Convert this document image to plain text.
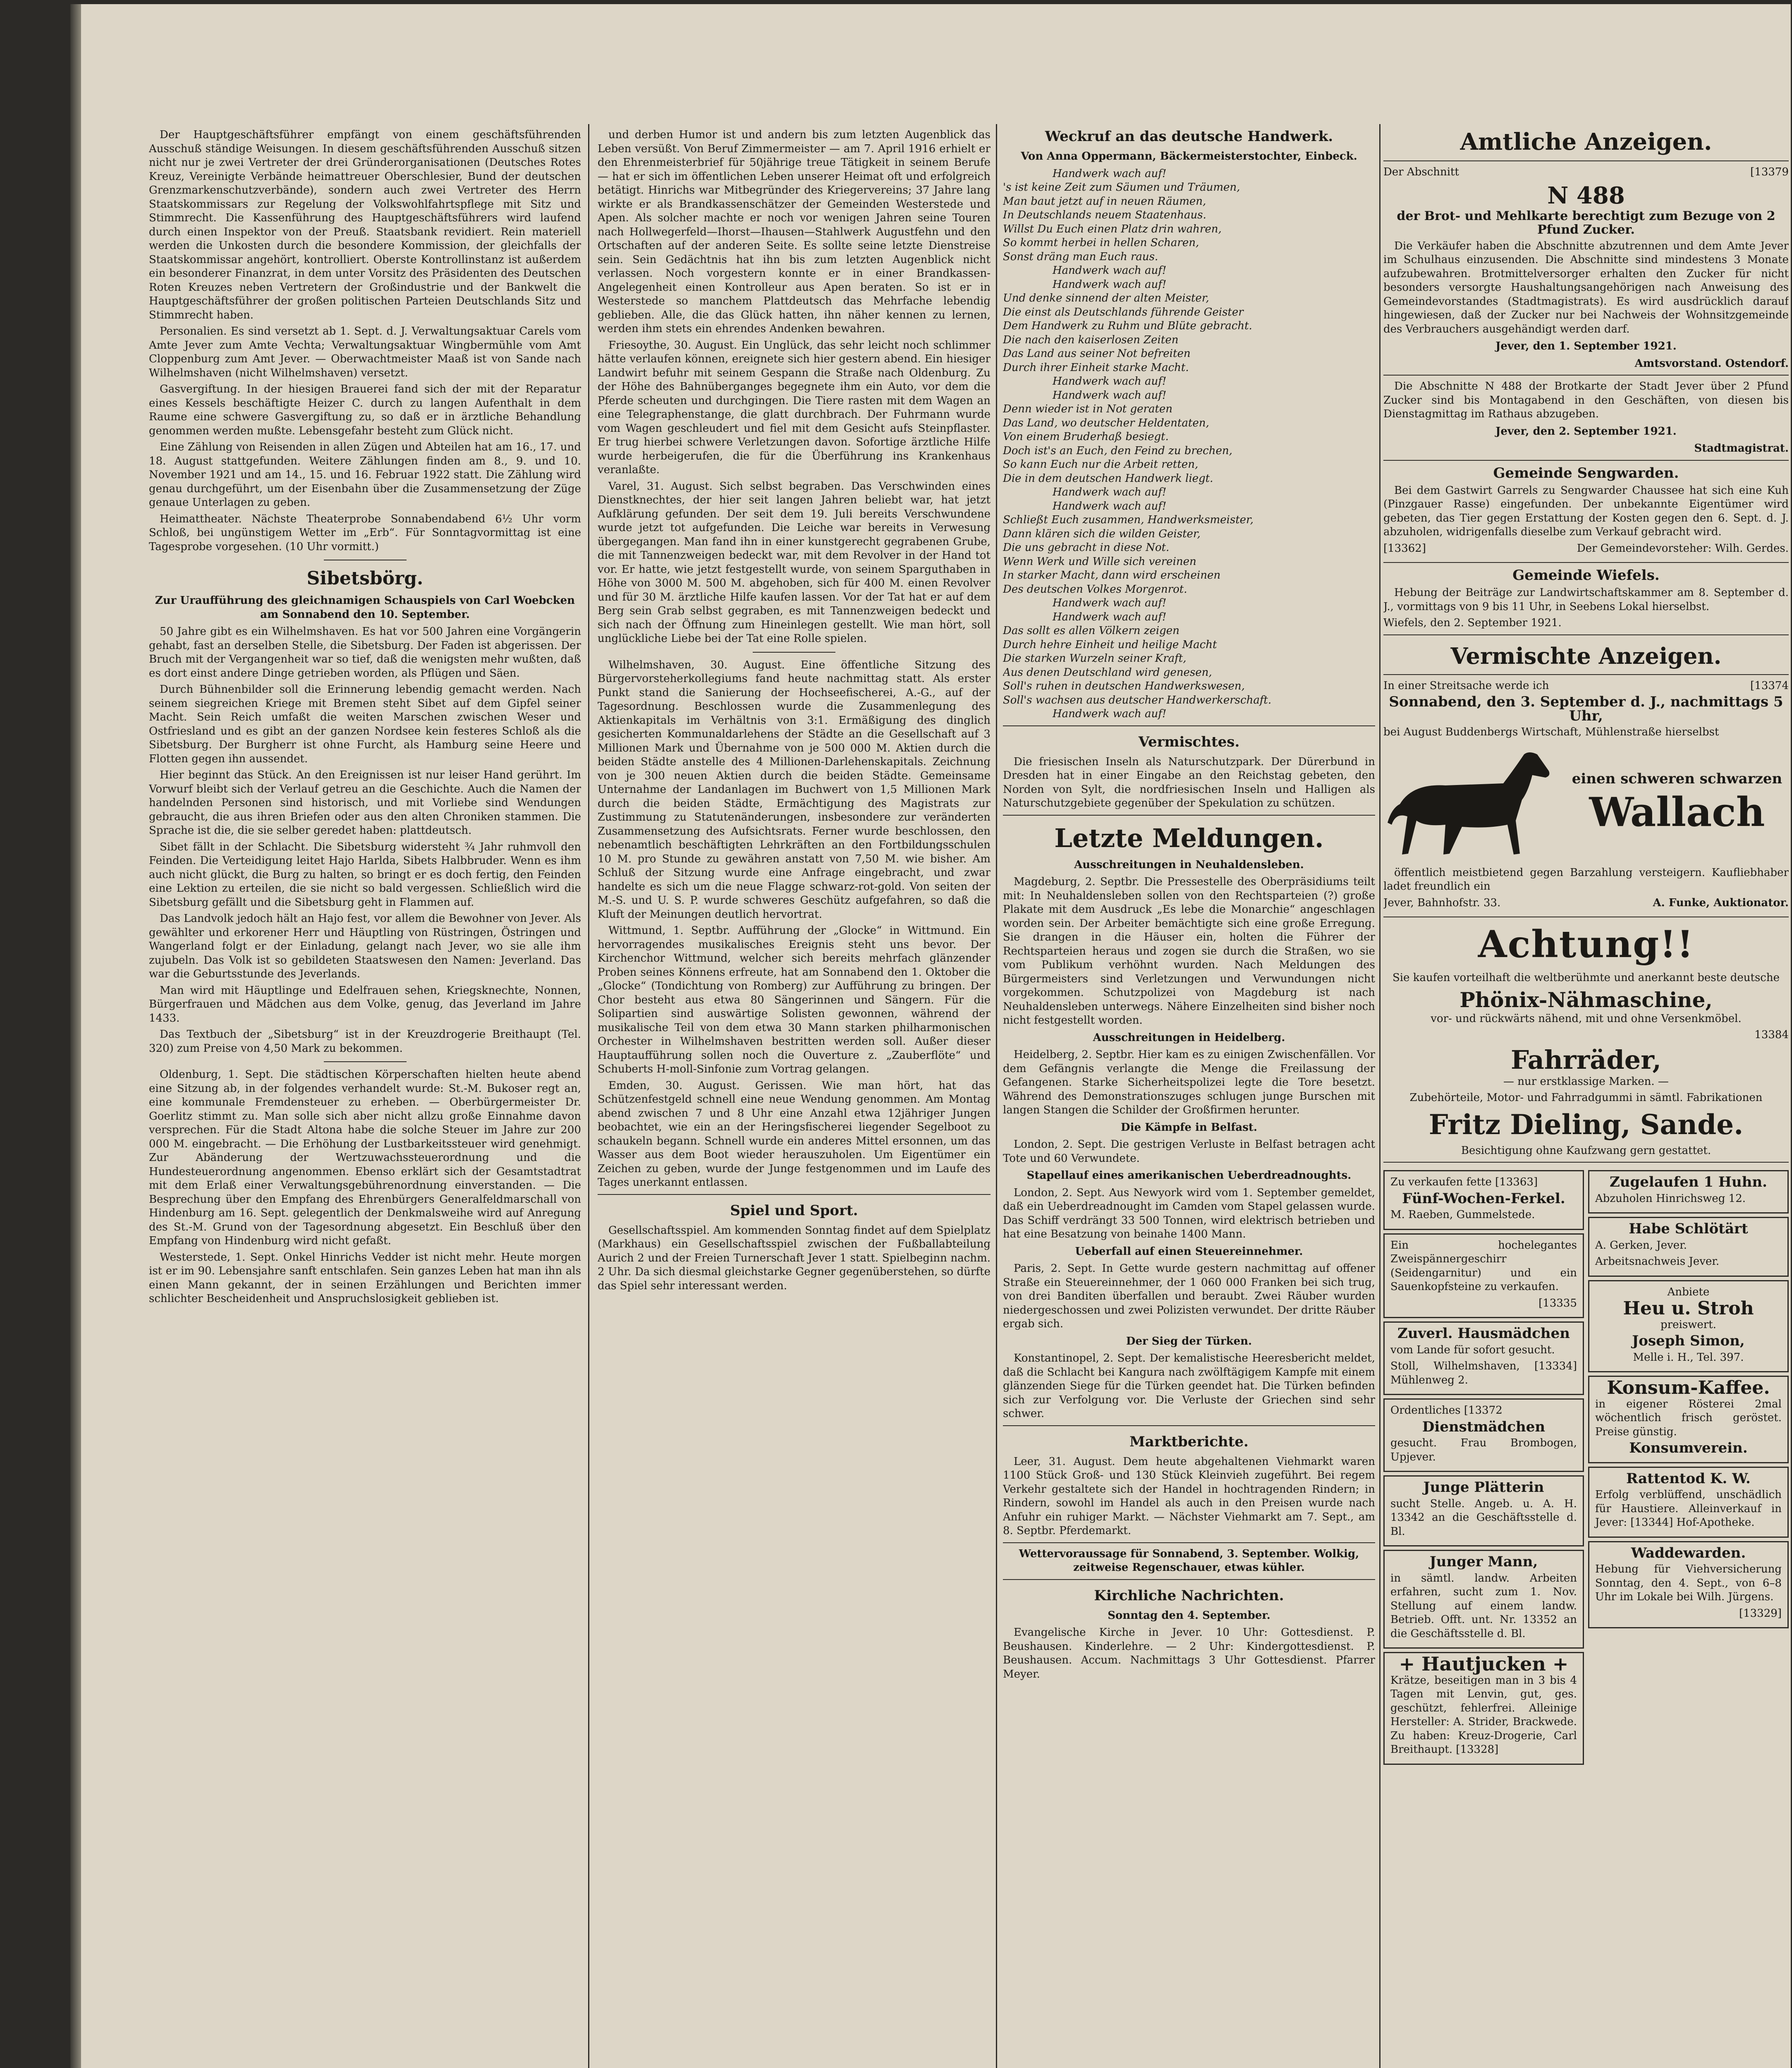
Der Hauptgeschäftsführer empfängt von einem geschäftsführenden Ausschuß ständige Weisungen. In diesem geschäftsführenden Ausschuß sitzen nicht nur je zwei Vertreter der drei Gründerorganisationen (Deutsches Rotes Kreuz, Vereinigte Verbände heimattreuer Oberschlesier, Bund der deutschen Grenzmarkenschutzverbände), sondern auch zwei Vertreter des Herrn Staatskommissars zur Regelung der Volkswohlfahrtspflege mit Sitz und Stimmrecht. Die Kassenführung des Hauptgeschäftsführers wird laufend durch einen Inspektor von der Preuß. Staatsbank revidiert. Rein materiell werden die Unkosten durch die besondere Kommission, der gleichfalls der Staatskommissar angehört, kontrolliert. Oberste Kontrollinstanz ist außerdem ein besonderer Finanzrat, in dem unter Vorsitz des Präsidenten des Deutschen Roten Kreuzes neben Vertretern der Großindustrie und der Bankwelt die Hauptgeschäftsführer der großen politischen Parteien Deutschlands Sitz und Stimmrecht haben.

Personalien. Es sind versetzt ab 1. Sept. d. J. Verwaltungsaktuar Carels vom Amte Jever zum Amte Vechta; Verwaltungsaktuar Wingbermühle vom Amt Cloppenburg zum Amt Jever. — Oberwachtmeister Maaß ist von Sande nach Wilhelmshaven (nicht Wilhelmshaven) versetzt.

Gasvergiftung. In der hiesigen Brauerei fand sich der mit der Reparatur eines Kessels beschäftigte Heizer C. durch zu langen Aufenthalt in dem Raume eine schwere Gasvergiftung zu, so daß er in ärztliche Behandlung genommen werden mußte. Lebensgefahr besteht zum Glück nicht.

Eine Zählung von Reisenden in allen Zügen und Abteilen hat am 16., 17. und 18. August stattgefunden. Weitere Zählungen finden am 8., 9. und 10. November 1921 und am 14., 15. und 16. Februar 1922 statt. Die Zählung wird genau durchgeführt, um der Eisenbahn über die Zusammensetzung der Züge genaue Unterlagen zu geben.

Heimattheater. Nächste Theaterprobe Sonnabendabend 6½ Uhr vorm Schloß, bei ungünstigem Wetter im „Erb“. Für Sonntagvormittag ist eine Tagesprobe vorgesehen. (10 Uhr vormitt.)

Sibetsbörg.

Zur Uraufführung des gleichnamigen Schauspiels von Carl Woebcken am Sonnabend den 10. September.

50 Jahre gibt es ein Wilhelmshaven. Es hat vor 500 Jahren eine Vorgängerin gehabt, fast an derselben Stelle, die Sibetsburg. Der Faden ist abgerissen. Der Bruch mit der Vergangenheit war so tief, daß die wenigsten mehr wußten, daß es dort einst andere Dinge getrieben worden, als Pflügen und Säen.

Durch Bühnenbilder soll die Erinnerung lebendig gemacht werden. Nach seinem siegreichen Kriege mit Bremen steht Sibet auf dem Gipfel seiner Macht. Sein Reich umfaßt die weiten Marschen zwischen Weser und Ostfriesland und es gibt an der ganzen Nordsee kein festeres Schloß als die Sibetsburg. Der Burgherr ist ohne Furcht, als Hamburg seine Heere und Flotten gegen ihn aussendet.

Hier beginnt das Stück. An den Ereignissen ist nur leiser Hand gerührt. Im Vorwurf bleibt sich der Verlauf getreu an die Geschichte. Auch die Namen der handelnden Personen sind historisch, und mit Vorliebe sind Wendungen gebraucht, die aus ihren Briefen oder aus den alten Chroniken stammen. Die Sprache ist die, die sie selber geredet haben: plattdeutsch.

Sibet fällt in der Schlacht. Die Sibetsburg widersteht ¾ Jahr ruhmvoll den Feinden. Die Verteidigung leitet Hajo Harlda, Sibets Halbbruder. Wenn es ihm auch nicht glückt, die Burg zu halten, so bringt er es doch fertig, den Feinden eine Lektion zu erteilen, die sie nicht so bald vergessen. Schließlich wird die Sibetsburg gefällt und die Sibetsburg geht in Flammen auf.

Das Landvolk jedoch hält an Hajo fest, vor allem die Bewohner von Jever. Als gewählter und erkorener Herr und Häuptling von Rüstringen, Östringen und Wangerland folgt er der Einladung, gelangt nach Jever, wo sie alle ihm zujubeln. Das Volk ist so gebildeten Staatswesen den Namen: Jeverland. Das war die Geburtsstunde des Jeverlands.

Man wird mit Häuptlinge und Edelfrauen sehen, Kriegsknechte, Nonnen, Bürgerfrauen und Mädchen aus dem Volke, genug, das Jeverland im Jahre 1433.

Das Textbuch der „Sibetsburg“ ist in der Kreuzdrogerie Breithaupt (Tel. 320) zum Preise von 4,50 Mark zu bekommen.

Oldenburg, 1. Sept. Die städtischen Körperschaften hielten heute abend eine Sitzung ab, in der folgendes verhandelt wurde: St.-M. Bukoser regt an, eine kommunale Fremdensteuer zu erheben. — Oberbürgermeister Dr. Goerlitz stimmt zu. Man solle sich aber nicht allzu große Einnahme davon versprechen. Für die Stadt Altona habe die solche Steuer im Jahre zur 200 000 M. eingebracht. — Die Erhöhung der Lustbarkeitssteuer wird genehmigt. Zur Abänderung der Wertzuwachssteuerordnung und die Hundesteuerordnung angenommen. Ebenso erklärt sich der Gesamtstadtrat mit dem Erlaß einer Verwaltungsgebührenordnung einverstanden. — Die Besprechung über den Empfang des Ehrenbürgers Generalfeldmarschall von Hindenburg am 16. Sept. gelegentlich der Denkmalsweihe wird auf Anregung des St.-M. Grund von der Tagesordnung abgesetzt. Ein Beschluß über den Empfang von Hindenburg wird nicht gefaßt.

Westerstede, 1. Sept. Onkel Hinrichs Vedder ist nicht mehr. Heute morgen ist er im 90. Lebensjahre sanft entschlafen. Sein ganzes Leben hat man ihn als einen Mann gekannt, der in seinen Erzählungen und Berichten immer schlichter Bescheidenheit und Anspruchslosigkeit geblieben ist.

und derben Humor ist und andern bis zum letzten Augenblick das Leben versüßt. Von Beruf Zimmermeister — am 7. April 1916 erhielt er den Ehrenmeisterbrief für 50jährige treue Tätigkeit in seinem Berufe — hat er sich im öffentlichen Leben unserer Heimat oft und erfolgreich betätigt. Hinrichs war Mitbegründer des Kriegervereins; 37 Jahre lang wirkte er als Brandkassenschätzer der Gemeinden Westerstede und Apen. Als solcher machte er noch vor wenigen Jahren seine Touren nach Hollwegerfeld—Ihorst—Ihausen—Stahlwerk Augustfehn und den Ortschaften auf der anderen Seite. Es sollte seine letzte Dienstreise sein. Sein Gedächtnis hat ihn bis zum letzten Augenblick nicht verlassen. Noch vorgestern konnte er in einer Brandkassen-Angelegenheit einen Kontrolleur aus Apen beraten. So ist er in Westerstede so manchem Plattdeutsch das Mehrfache lebendig geblieben. Alle, die das Glück hatten, ihn näher kennen zu lernen, werden ihm stets ein ehrendes Andenken bewahren.

Friesoythe, 30. August. Ein Unglück, das sehr leicht noch schlimmer hätte verlaufen können, ereignete sich hier gestern abend. Ein hiesiger Landwirt befuhr mit seinem Gespann die Straße nach Oldenburg. Zu der Höhe des Bahnüberganges begegnete ihm ein Auto, vor dem die Pferde scheuten und durchgingen. Die Tiere rasten mit dem Wagen an eine Telegraphenstange, die glatt durchbrach. Der Fuhrmann wurde vom Wagen geschleudert und fiel mit dem Gesicht aufs Steinpflaster. Er trug hierbei schwere Verletzungen davon. Sofortige ärztliche Hilfe wurde herbeigerufen, die für die Überführung ins Krankenhaus veranlaßte.

Varel, 31. August. Sich selbst begraben. Das Verschwinden eines Dienstknechtes, der hier seit langen Jahren beliebt war, hat jetzt Aufklärung gefunden. Der seit dem 19. Juli bereits Verschwundene wurde jetzt tot aufgefunden. Die Leiche war bereits in Verwesung übergegangen. Man fand ihn in einer kunstgerecht gegrabenen Grube, die mit Tannenzweigen bedeckt war, mit dem Revolver in der Hand tot vor. Er hatte, wie jetzt festgestellt wurde, von seinem Sparguthaben in Höhe von 3000 M. 500 M. abgehoben, sich für 400 M. einen Revolver und für 30 M. ärztliche Hilfe kaufen lassen. Vor der Tat hat er auf dem Berg sein Grab selbst gegraben, es mit Tannenzweigen bedeckt und sich nach der Öffnung zum Hineinlegen gestellt. Wie man hört, soll unglückliche Liebe bei der Tat eine Rolle spielen.

Wilhelmshaven, 30. August. Eine öffentliche Sitzung des Bürgervorsteherkollegiums fand heute nachmittag statt. Als erster Punkt stand die Sanierung der Hochseefischerei, A.-G., auf der Tagesordnung. Beschlossen wurde die Zusammenlegung des Aktienkapitals im Verhältnis von 3:1. Ermäßigung des dinglich gesicherten Kommunaldarlehens der Städte an die Gesellschaft auf 3 Millionen Mark und Übernahme von je 500 000 M. Aktien durch die beiden Städte anstelle des 4 Millionen-Darlehenskapitals. Zeichnung von je 300 neuen Aktien durch die beiden Städte. Gemeinsame Unternahme der Landanlagen im Buchwert von 1,5 Millionen Mark durch die beiden Städte, Ermächtigung des Magistrats zur Zustimmung zu Statutenänderungen, insbesondere zur veränderten Zusammensetzung des Aufsichtsrats. Ferner wurde beschlossen, den nebenamtlich beschäftigten Lehrkräften an den Fortbildungsschulen 10 M. pro Stunde zu gewähren anstatt von 7,50 M. wie bisher. Am Schluß der Sitzung wurde eine Anfrage eingebracht, und zwar handelte es sich um die neue Flagge schwarz-rot-gold. Von seiten der M.-S. und U. S. P. wurde schweres Geschütz aufgefahren, so daß die Kluft der Meinungen deutlich hervortrat.

Wittmund, 1. Septbr. Aufführung der „Glocke“ in Wittmund. Ein hervorragendes musikalisches Ereignis steht uns bevor. Der Kirchenchor Wittmund, welcher sich bereits mehrfach glänzender Proben seines Könnens erfreute, hat am Sonnabend den 1. Oktober die „Glocke“ (Tondichtung von Romberg) zur Aufführung zu bringen. Der Chor besteht aus etwa 80 Sängerinnen und Sängern. Für die Solipartien sind auswärtige Solisten gewonnen, während der musikalische Teil von dem etwa 30 Mann starken philharmonischen Orchester in Wilhelmshaven bestritten werden soll. Außer dieser Hauptaufführung sollen noch die Ouverture z. „Zauberflöte“ und Schuberts H-moll-Sinfonie zum Vortrag gelangen.

Emden, 30. August. Gerissen. Wie man hört, hat das Schützenfestgeld schnell eine neue Wendung genommen. Am Montag abend zwischen 7 und 8 Uhr eine Anzahl etwa 12jähriger Jungen beobachtet, wie ein an der Heringsfischerei liegender Segelboot zu schaukeln begann. Schnell wurde ein anderes Mittel ersonnen, um das Wasser aus dem Boot wieder herauszuholen. Um Eigentümer ein Zeichen zu geben, wurde der Junge festgenommen und im Laufe des Tages unerkannt entlassen.

Spiel und Sport.

Gesellschaftsspiel. Am kommenden Sonntag findet auf dem Spielplatz (Markhaus) ein Gesellschaftsspiel zwischen der Fußballabteilung Aurich 2 und der Freien Turnerschaft Jever 1 statt. Spielbeginn nachm. 2 Uhr. Da sich diesmal gleichstarke Gegner gegenüberstehen, so dürfte das Spiel sehr interessant werden.

Weckruf an das deutsche Handwerk.

Von Anna Oppermann, Bäckermeisterstochter, Einbeck.

Handwerk wach auf!

's ist keine Zeit zum Säumen und Träumen,

Man baut jetzt auf in neuen Räumen,

In Deutschlands neuem Staatenhaus.

Willst Du Euch einen Platz drin wahren,

So kommt herbei in hellen Scharen,

Sonst dräng man Euch raus.

Handwerk wach auf!

Handwerk wach auf!

Und denke sinnend der alten Meister,

Die einst als Deutschlands führende Geister

Dem Handwerk zu Ruhm und Blüte gebracht.

Die nach den kaiserlosen Zeiten

Das Land aus seiner Not befreiten

Durch ihrer Einheit starke Macht.

Handwerk wach auf!

Handwerk wach auf!

Denn wieder ist in Not geraten

Das Land, wo deutscher Heldentaten,

Von einem Bruderhaß besiegt.

Doch ist's an Euch, den Feind zu brechen,

So kann Euch nur die Arbeit retten,

Die in dem deutschen Handwerk liegt.

Handwerk wach auf!

Handwerk wach auf!

Schließt Euch zusammen, Handwerksmeister,

Dann klären sich die wilden Geister,

Die uns gebracht in diese Not.

Wenn Werk und Wille sich vereinen

In starker Macht, dann wird erscheinen

Des deutschen Volkes Morgenrot.

Handwerk wach auf!

Handwerk wach auf!

Das sollt es allen Völkern zeigen

Durch hehre Einheit und heilige Macht

Die starken Wurzeln seiner Kraft,

Aus denen Deutschland wird genesen,

Soll's ruhen in deutschen Handwerkswesen,

Soll's wachsen aus deutscher Handwerkerschaft.

Handwerk wach auf!

Vermischtes.

Die friesischen Inseln als Naturschutzpark. Der Dürerbund in Dresden hat in einer Eingabe an den Reichstag gebeten, den Norden von Sylt, die nordfriesischen Inseln und Halligen als Naturschutzgebiete gegenüber der Spekulation zu schützen.

Letzte Meldungen.

Ausschreitungen in Neuhaldensleben.

Magdeburg, 2. Septbr. Die Pressestelle des Oberpräsidiums teilt mit: In Neuhaldensleben sollen von den Rechtsparteien (?) große Plakate mit dem Ausdruck „Es lebe die Monarchie“ angeschlagen worden sein. Der Arbeiter bemächtigte sich eine große Erregung. Sie drangen in die Häuser ein, holten die Führer der Rechtsparteien heraus und zogen sie durch die Straßen, wo sie vom Publikum verhöhnt wurden. Nach Meldungen des Bürgermeisters sind Verletzungen und Verwundungen nicht vorgekommen. Schutzpolizei von Magdeburg ist nach Neuhaldensleben unterwegs. Nähere Einzelheiten sind bisher noch nicht festgestellt worden.

Ausschreitungen in Heidelberg.

Heidelberg, 2. Septbr. Hier kam es zu einigen Zwischenfällen. Vor dem Gefängnis verlangte die Menge die Freilassung der Gefangenen. Starke Sicherheitspolizei legte die Tore besetzt. Während des Demonstrationszuges schlugen junge Burschen mit langen Stangen die Schilder der Großfirmen herunter.

Die Kämpfe in Belfast.

London, 2. Sept. Die gestrigen Verluste in Belfast betragen acht Tote und 60 Verwundete.

Stapellauf eines amerikanischen Ueberdreadnoughts.

London, 2. Sept. Aus Newyork wird vom 1. September gemeldet, daß ein Ueberdreadnought im Camden vom Stapel gelassen wurde. Das Schiff verdrängt 33 500 Tonnen, wird elektrisch betrieben und hat eine Besatzung von beinahe 1400 Mann.

Ueberfall auf einen Steuereinnehmer.

Paris, 2. Sept. In Gette wurde gestern nachmittag auf offener Straße ein Steuereinnehmer, der 1 060 000 Franken bei sich trug, von drei Banditen überfallen und beraubt. Zwei Räuber wurden niedergeschossen und zwei Polizisten verwundet. Der dritte Räuber ergab sich.

Der Sieg der Türken.

Konstantinopel, 2. Sept. Der kemalistische Heeresbericht meldet, daß die Schlacht bei Kangura nach zwölftägigem Kampfe mit einem glänzenden Siege für die Türken geendet hat. Die Türken befinden sich zur Verfolgung vor. Die Verluste der Griechen sind sehr schwer.

Marktberichte.

Leer, 31. August. Dem heute abgehaltenen Viehmarkt waren 1100 Stück Groß- und 130 Stück Kleinvieh zugeführt. Bei regem Verkehr gestaltete sich der Handel in hochtragenden Rindern; in Rindern, sowohl im Handel als auch in den Preisen wurde nach Anfuhr ein ruhiger Markt. — Nächster Viehmarkt am 7. Sept., am 8. Septbr. Pferdemarkt.

Wettervoraussage für Sonnabend, 3. September. Wolkig, zeitweise Regenschauer, etwas kühler.

Kirchliche Nachrichten.

Sonntag den 4. September.

Evangelische Kirche in Jever. 10 Uhr: Gottesdienst. P. Beushausen. Kinderlehre. — 2 Uhr: Kindergottesdienst. P. Beushausen. Accum. Nachmittags 3 Uhr Gottesdienst. Pfarrer Meyer.

Amtliche Anzeigen.

Der Abschnitt	[13379

N 488

der Brot- und Mehlkarte berechtigt zum Bezuge von 2 Pfund Zucker.

Die Verkäufer haben die Abschnitte abzutrennen und dem Amte Jever im Schulhaus einzusenden. Die Abschnitte sind mindestens 3 Monate aufzubewahren. Brotmittelversorger erhalten den Zucker für nicht besonders versorgte Haushaltungsangehörigen nach Anweisung des Gemeindevorstandes (Stadtmagistrats). Es wird ausdrücklich darauf hingewiesen, daß der Zucker nur bei Nachweis der Wohnsitzgemeinde des Verbrauchers ausgehändigt werden darf.

Jever, den 1. September 1921.

Amtsvorstand. Ostendorf.

Die Abschnitte N 488 der Brotkarte der Stadt Jever über 2 Pfund Zucker sind bis Montagabend in den Geschäften, von diesen bis Dienstagmittag im Rathaus abzugeben.

Jever, den 2. September 1921.

Stadtmagistrat.

Gemeinde Sengwarden.

Bei dem Gastwirt Garrels zu Sengwarder Chaussee hat sich eine Kuh (Pinzgauer Rasse) eingefunden. Der unbekannte Eigentümer wird gebeten, das Tier gegen Erstattung der Kosten gegen den 6. Sept. d. J. abzuholen, widrigenfalls dieselbe zum Verkauf gebracht wird.

[13362]	Der Gemeindevorsteher: Wilh. Gerdes.

Gemeinde Wiefels.

Hebung der Beiträge zur Landwirtschaftskammer am 8. September d. J., vormittags von 9 bis 11 Uhr, in Seebens Lokal hierselbst.

Wiefels, den 2. September 1921.

Vermischte Anzeigen.

In einer Streitsache werde ich	[13374

Sonnabend, den 3. September d. J., nachmittags 5 Uhr,

bei August Buddenbergs Wirtschaft, Mühlenstraße hierselbst

einen schweren schwarzen

Wallach

öffentlich meistbietend gegen Barzahlung versteigern. Kaufliebhaber ladet freundlich ein

Jever, Bahnhofstr. 33.	A. Funke, Auktionator.

Achtung!!

Sie kaufen vorteilhaft die weltberühmte und anerkannt beste deutsche

Phönix-Nähmaschine,

vor- und rückwärts nähend, mit und ohne Versenkmöbel.

13384

Fahrräder,

— nur erstklassige Marken. —

Zubehörteile, Motor- und Fahrradgummi in sämtl. Fabrikationen

Fritz Dieling, Sande.

Besichtigung ohne Kaufzwang gern gestattet.

Zu verkaufen fette [13363]

Fünf-Wochen-Ferkel.

M. Raeben, Gummelstede.

Ein hochelegantes Zweispännergeschirr (Seidengarnitur) und ein Sauenkopfsteine zu verkaufen.

[13335

Zuverl. Hausmädchen

vom Lande für sofort gesucht.

Stoll, Wilhelmshaven, [13334] Mühlenweg 2.

Ordentliches [13372

Dienstmädchen

gesucht. Frau Brombogen, Upjever.

Junge Plätterin

sucht Stelle. Angeb. u. A. H. 13342 an die Geschäftsstelle d. Bl.

Junger Mann,

in sämtl. landw. Arbeiten erfahren, sucht zum 1. Nov. Stellung auf einem landw. Betrieb. Offt. unt. Nr. 13352 an die Geschäftsstelle d. Bl.

+ Hautjucken +

Krätze, beseitigen man in 3 bis 4 Tagen mit Lenvin, gut, ges. geschützt, fehlerfrei. Alleinige Hersteller: A. Strider, Brackwede. Zu haben: Kreuz-Drogerie, Carl Breithaupt. [13328]

Zugelaufen 1 Huhn.

Abzuholen Hinrichsweg 12.

Habe Schlötärt

A. Gerken, Jever.

Arbeitsnachweis Jever.

Anbiete

Heu u. Stroh

preiswert.

Joseph Simon,

Melle i. H., Tel. 397.

Konsum-Kaffee.

in eigener Rösterei 2mal wöchentlich frisch geröstet. Preise günstig.

Konsumverein.

Rattentod K. W.

Erfolg verblüffend, unschädlich für Haustiere. Alleinverkauf in Jever: [13344] Hof-Apotheke.

Waddewarden.

Hebung für Viehversicherung Sonntag, den 4. Sept., von 6–8 Uhr im Lokale bei Wilh. Jürgens.

[13329]
